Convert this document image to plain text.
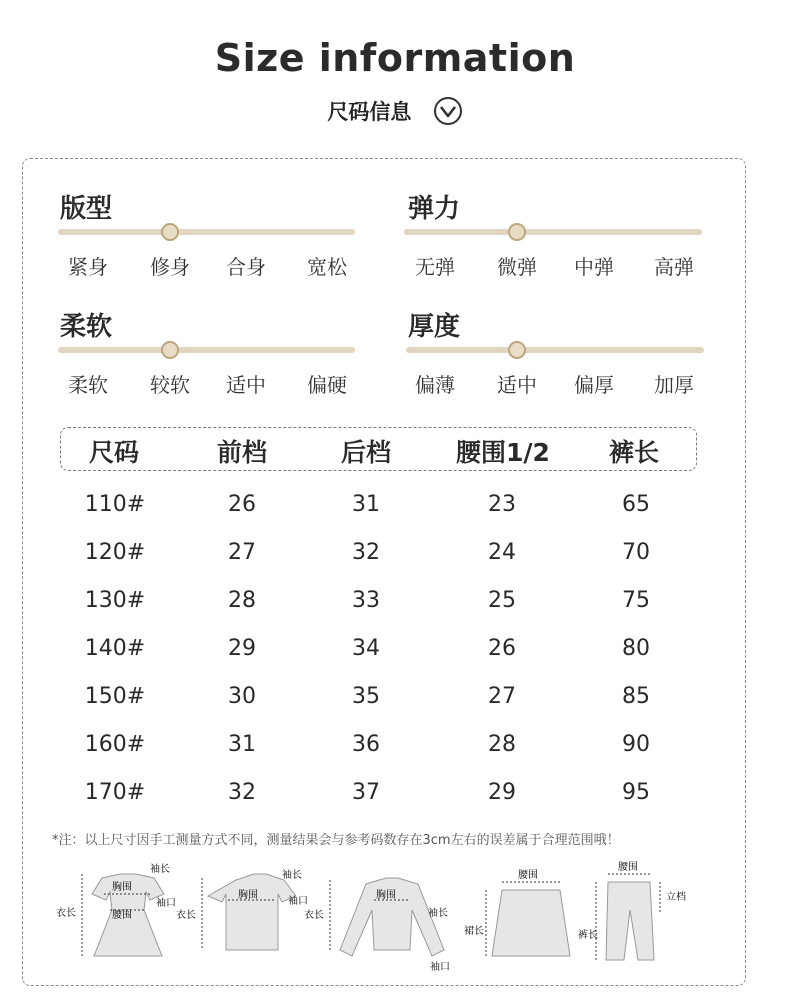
Size information
尺码信息
版型
紧身	修身	合身	宽松
弹力
无弹	微弹	中弹	高弹
柔软
柔软	较软	适中	偏硬
厚度
偏薄	适中	偏厚	加厚
尺码	前档	后档	腰围1/2	裤长
110#	26	31	23	65
120#	27	32	24	70
130#	28	33	25	75
140#	29	34	26	80
150#	30	35	27	85
160#	31	36	28	90
170#	32	37	29	95
*注：以上尺寸因手工测量方式不同，测量结果会与参考码数存在3cm左右的误差属于合理范围哦！
衣长
袖长
胸围
袖口
腰围	衣长
袖长
胸围
袖口
衣长
胸围
袖长
袖口
腰围
裙长
腰围
立档
裤长
